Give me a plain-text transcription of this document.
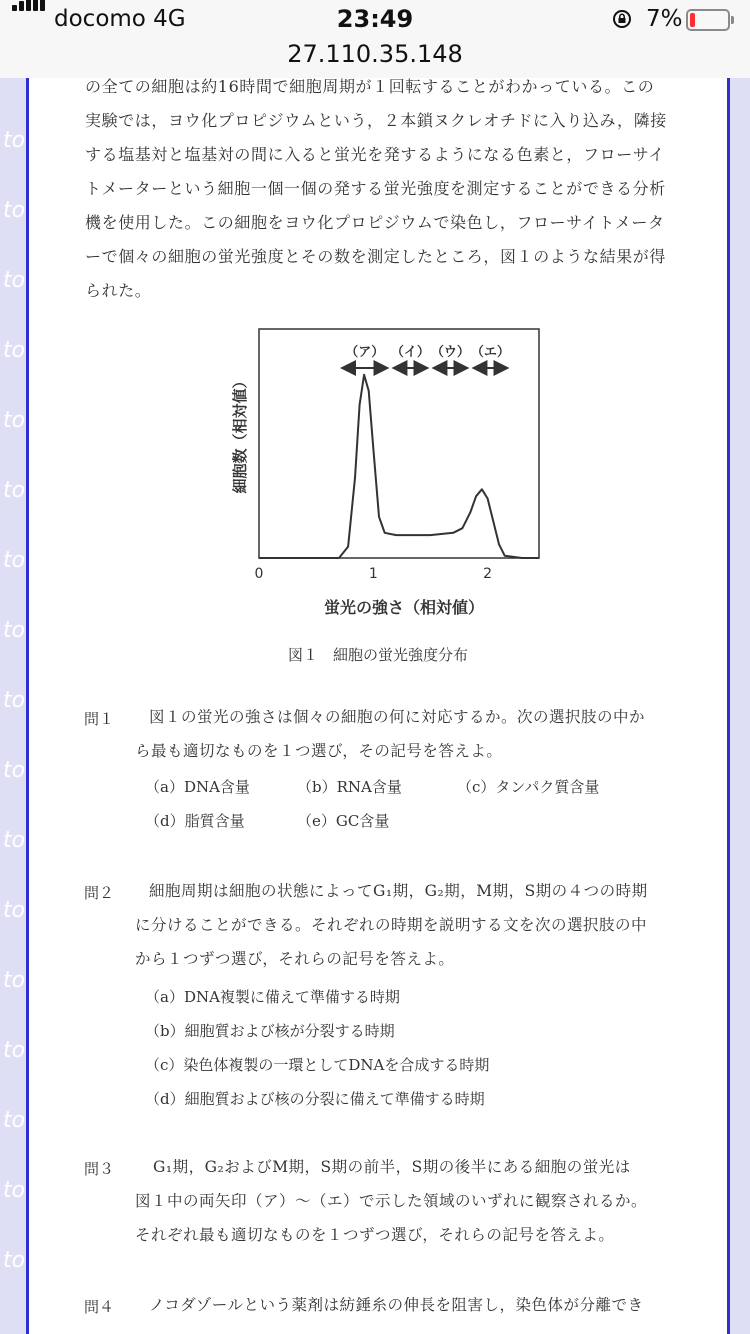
docomo 4G	23:49	7%
27.110.35.148
to
to
to
to
to
to
to
to
to
to
to
to
to
to
to
to
to
の全ての細胞は約16時間で細胞周期が１回転することがわかっている。この
実験では，ヨウ化プロピジウムという，２本鎖ヌクレオチドに入り込み，隣接
する塩基対と塩基対の間に入ると蛍光を発するようになる色素と，フローサイ
トメーターという細胞一個一個の発する蛍光強度を測定することができる分析
機を使用した。この細胞をヨウ化プロピジウムで染色し，フローサイトメータ
ーで個々の細胞の蛍光強度とその数を測定したところ，図１のような結果が得
られた。
0	1	2
蛍光の強さ（相対値）
細胞数（相対値）
（ア） （イ） （ウ） （エ）
図１　細胞の蛍光強度分布
問１ 図１の蛍光の強さは個々の細胞の何に対応するか。次の選択肢の中か
ら最も適切なものを１つ選び，その記号を答えよ。
（a）DNA含量	（b）RNA含量	（c）タンパク質含量
（d）脂質含量	（e）GC含量
問２ 細胞周期は細胞の状態によってG₁期，G₂期，M期，S期の４つの時期
に分けることができる。それぞれの時期を説明する文を次の選択肢の中
から１つずつ選び，それらの記号を答えよ。
（a）DNA複製に備えて準備する時期
（b）細胞質および核が分裂する時期
（c）染色体複製の一環としてDNAを合成する時期
（d）細胞質および核の分裂に備えて準備する時期
問３	G₁期，G₂およびM期，S期の前半，S期の後半にある細胞の蛍光は
図１中の両矢印（ア）～（エ）で示した領域のいずれに観察されるか。
それぞれ最も適切なものを１つずつ選び，それらの記号を答えよ。
問４ ノコダゾールという薬剤は紡錘糸の伸長を阻害し，染色体が分離でき
